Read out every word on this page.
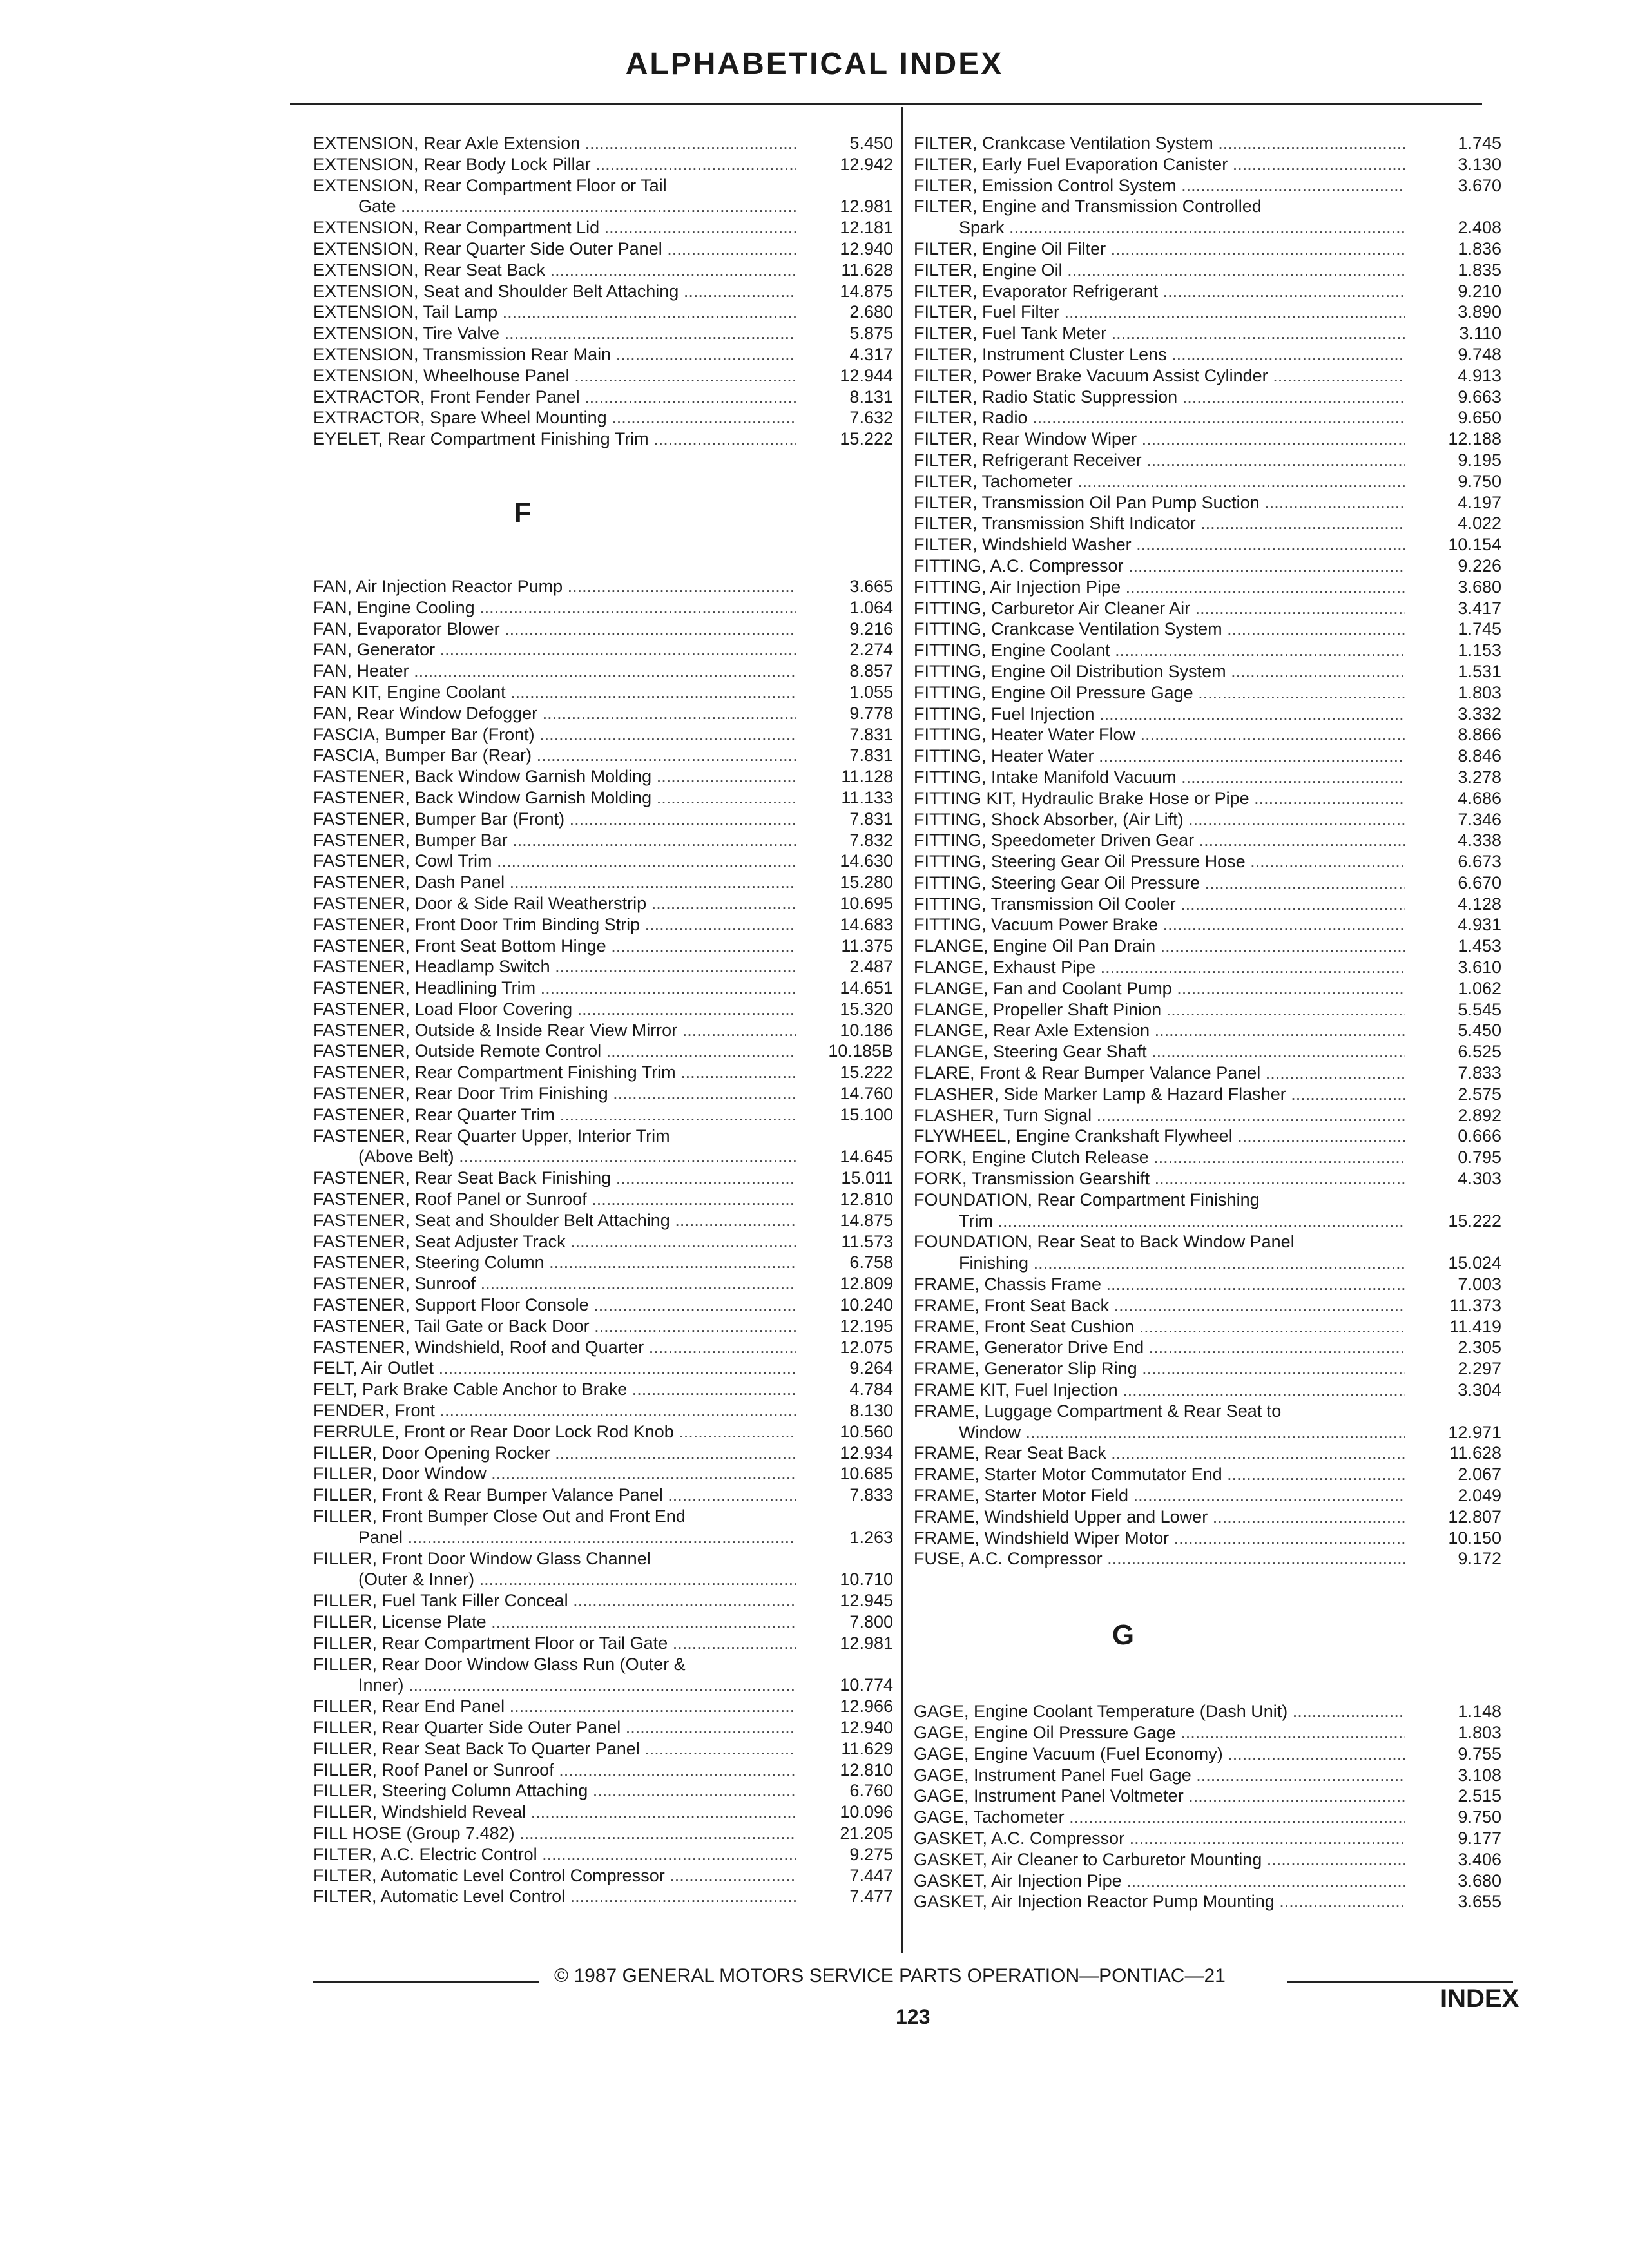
ALPHABETICAL INDEX
EXTENSION, Rear Axle Extension .....	5.450
EXTENSION, Rear Body Lock Pillar .....	12.942
EXTENSION, Rear Compartment Floor or Tail
Gate .....	12.981
EXTENSION, Rear Compartment Lid .....	12.181
EXTENSION, Rear Quarter Side Outer Panel .....	12.940
EXTENSION, Rear Seat Back .....	11.628
EXTENSION, Seat and Shoulder Belt Attaching .....	14.875
EXTENSION, Tail Lamp .....	2.680
EXTENSION, Tire Valve .....	5.875
EXTENSION, Transmission Rear Main .....	4.317
EXTENSION, Wheelhouse Panel .....	12.944
EXTRACTOR, Front Fender Panel .....	8.131
EXTRACTOR, Spare Wheel Mounting .....	7.632
EYELET, Rear Compartment Finishing Trim .....	15.222
F
FAN, Air Injection Reactor Pump .....	3.665
FAN, Engine Cooling .....	1.064
FAN, Evaporator Blower .....	9.216
FAN, Generator .....	2.274
FAN, Heater .....	8.857
FAN KIT, Engine Coolant .....	1.055
FAN, Rear Window Defogger .....	9.778
FASCIA, Bumper Bar (Front) .....	7.831
FASCIA, Bumper Bar (Rear) .....	7.831
FASTENER, Back Window Garnish Molding .....	11.128
FASTENER, Back Window Garnish Molding .....	11.133
FASTENER, Bumper Bar (Front) .....	7.831
FASTENER, Bumper Bar .....	7.832
FASTENER, Cowl Trim .....	14.630
FASTENER, Dash Panel .....	15.280
FASTENER, Door & Side Rail Weatherstrip .....	10.695
FASTENER, Front Door Trim Binding Strip .....	14.683
FASTENER, Front Seat Bottom Hinge .....	11.375
FASTENER, Headlamp Switch .....	2.487
FASTENER, Headlining Trim .....	14.651
FASTENER, Load Floor Covering .....	15.320
FASTENER, Outside & Inside Rear View Mirror .....	10.186
FASTENER, Outside Remote Control .....	10.185B
FASTENER, Rear Compartment Finishing Trim .....	15.222
FASTENER, Rear Door Trim Finishing .....	14.760
FASTENER, Rear Quarter Trim .....	15.100
FASTENER, Rear Quarter Upper, Interior Trim
(Above Belt) .....	14.645
FASTENER, Rear Seat Back Finishing .....	15.011
FASTENER, Roof Panel or Sunroof .....	12.810
FASTENER, Seat and Shoulder Belt Attaching .....	14.875
FASTENER, Seat Adjuster Track .....	11.573
FASTENER, Steering Column .....	6.758
FASTENER, Sunroof .....	12.809
FASTENER, Support Floor Console .....	10.240
FASTENER, Tail Gate or Back Door .....	12.195
FASTENER, Windshield, Roof and Quarter .....	12.075
FELT, Air Outlet .....	9.264
FELT, Park Brake Cable Anchor to Brake .....	4.784
FENDER, Front .....	8.130
FERRULE, Front or Rear Door Lock Rod Knob .....	10.560
FILLER, Door Opening Rocker .....	12.934
FILLER, Door Window .....	10.685
FILLER, Front & Rear Bumper Valance Panel .....	7.833
FILLER, Front Bumper Close Out and Front End
Panel .....	1.263
FILLER, Front Door Window Glass Channel
(Outer & Inner) .....	10.710
FILLER, Fuel Tank Filler Conceal .....	12.945
FILLER, License Plate .....	7.800
FILLER, Rear Compartment Floor or Tail Gate .....	12.981
FILLER, Rear Door Window Glass Run (Outer &
Inner) .....	10.774
FILLER, Rear End Panel .....	12.966
FILLER, Rear Quarter Side Outer Panel .....	12.940
FILLER, Rear Seat Back To Quarter Panel .....	11.629
FILLER, Roof Panel or Sunroof .....	12.810
FILLER, Steering Column Attaching .....	6.760
FILLER, Windshield Reveal .....	10.096
FILL HOSE (Group 7.482) .....	21.205
FILTER, A.C. Electric Control .....	9.275
FILTER, Automatic Level Control Compressor .....	7.447
FILTER, Automatic Level Control .....	7.477
FILTER, Crankcase Ventilation System .....	1.745
FILTER, Early Fuel Evaporation Canister .....	3.130
FILTER, Emission Control System .....	3.670
FILTER, Engine and Transmission Controlled
Spark .....	2.408
FILTER, Engine Oil Filter .....	1.836
FILTER, Engine Oil .....	1.835
FILTER, Evaporator Refrigerant .....	9.210
FILTER, Fuel Filter .....	3.890
FILTER, Fuel Tank Meter .....	3.110
FILTER, Instrument Cluster Lens .....	9.748
FILTER, Power Brake Vacuum Assist Cylinder .....	4.913
FILTER, Radio Static Suppression .....	9.663
FILTER, Radio .....	9.650
FILTER, Rear Window Wiper .....	12.188
FILTER, Refrigerant Receiver .....	9.195
FILTER, Tachometer .....	9.750
FILTER, Transmission Oil Pan Pump Suction .....	4.197
FILTER, Transmission Shift Indicator .....	4.022
FILTER, Windshield Washer .....	10.154
FITTING, A.C. Compressor .....	9.226
FITTING, Air Injection Pipe .....	3.680
FITTING, Carburetor Air Cleaner Air .....	3.417
FITTING, Crankcase Ventilation System .....	1.745
FITTING, Engine Coolant .....	1.153
FITTING, Engine Oil Distribution System .....	1.531
FITTING, Engine Oil Pressure Gage .....	1.803
FITTING, Fuel Injection .....	3.332
FITTING, Heater Water Flow .....	8.866
FITTING, Heater Water .....	8.846
FITTING, Intake Manifold Vacuum .....	3.278
FITTING KIT, Hydraulic Brake Hose or Pipe .....	4.686
FITTING, Shock Absorber, (Air Lift) .....	7.346
FITTING, Speedometer Driven Gear .....	4.338
FITTING, Steering Gear Oil Pressure Hose .....	6.673
FITTING, Steering Gear Oil Pressure .....	6.670
FITTING, Transmission Oil Cooler .....	4.128
FITTING, Vacuum Power Brake .....	4.931
FLANGE, Engine Oil Pan Drain .....	1.453
FLANGE, Exhaust Pipe .....	3.610
FLANGE, Fan and Coolant Pump .....	1.062
FLANGE, Propeller Shaft Pinion .....	5.545
FLANGE, Rear Axle Extension .....	5.450
FLANGE, Steering Gear Shaft .....	6.525
FLARE, Front & Rear Bumper Valance Panel .....	7.833
FLASHER, Side Marker Lamp & Hazard Flasher .....	2.575
FLASHER, Turn Signal .....	2.892
FLYWHEEL, Engine Crankshaft Flywheel .....	0.666
FORK, Engine Clutch Release .....	0.795
FORK, Transmission Gearshift .....	4.303
FOUNDATION, Rear Compartment Finishing
Trim .....	15.222
FOUNDATION, Rear Seat to Back Window Panel
Finishing .....	15.024
FRAME, Chassis Frame .....	7.003
FRAME, Front Seat Back .....	11.373
FRAME, Front Seat Cushion .....	11.419
FRAME, Generator Drive End .....	2.305
FRAME, Generator Slip Ring .....	2.297
FRAME KIT, Fuel Injection .....	3.304
FRAME, Luggage Compartment & Rear Seat to
Window .....	12.971
FRAME, Rear Seat Back .....	11.628
FRAME, Starter Motor Commutator End .....	2.067
FRAME, Starter Motor Field .....	2.049
FRAME, Windshield Upper and Lower .....	12.807
FRAME, Windshield Wiper Motor .....	10.150
FUSE, A.C. Compressor .....	9.172
G
GAGE, Engine Coolant Temperature (Dash Unit) .....	1.148
GAGE, Engine Oil Pressure Gage .....	1.803
GAGE, Engine Vacuum (Fuel Economy) .....	9.755
GAGE, Instrument Panel Fuel Gage .....	3.108
GAGE, Instrument Panel Voltmeter .....	2.515
GAGE, Tachometer .....	9.750
GASKET, A.C. Compressor .....	9.177
GASKET, Air Cleaner to Carburetor Mounting .....	3.406
GASKET, Air Injection Pipe .....	3.680
GASKET, Air Injection Reactor Pump Mounting .....	3.655
© 1987 GENERAL MOTORS SERVICE PARTS OPERATION—PONTIAC—21
123
INDEX
